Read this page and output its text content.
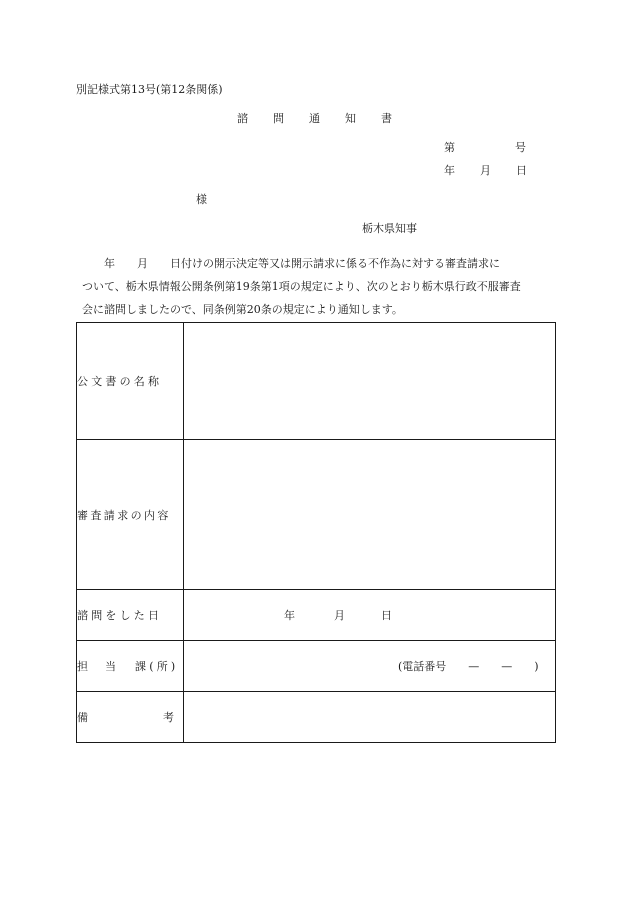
別記様式第13号(第12条関係)
諮 問 通 知 書
第	号
年 月 日
様
栃木県知事

　　年　　月　　日付けの開示決定等又は開示請求に係る不作為に対する審査請求に

ついて、栃木県情報公開条例第19条第1項の規定により、次のとおり栃木県行政不服審査

会に諮問しましたので、同条例第20条の規定により通知します。

公文書の名称	
審査請求の内容	
諮問をした日	年 月 日

担 当 課(所)	(電話番号　　—　　—　　)

備 考	
